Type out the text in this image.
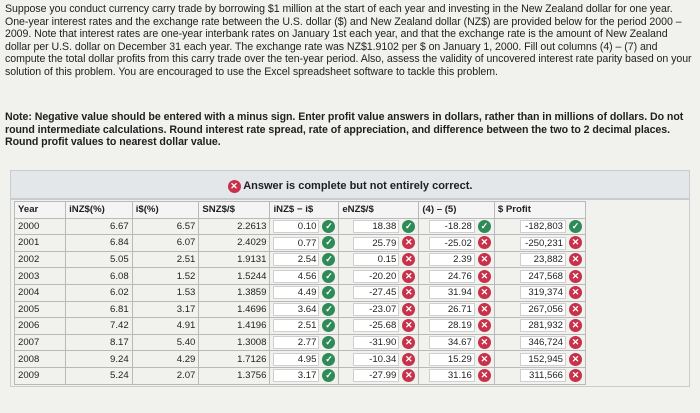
Suppose you conduct currency carry trade by borrowing $1 million at the start of each year and investing in the New Zealand dollar for one year. One-year interest rates and the exchange rate between the U.S. dollar ($) and New Zealand dollar (NZ$) are provided below for the period 2000 – 2009. Note that interest rates are one-year interbank rates on January 1st each year, and that the exchange rate is the amount of New Zealand dollar per U.S. dollar on December 31 each year. The exchange rate was NZ$1.9102 per $ on January 1, 2000. Fill out columns (4) – (7) and compute the total dollar profits from this carry trade over the ten-year period. Also, assess the validity of uncovered interest rate parity based on your solution of this problem. You are encouraged to use the Excel spreadsheet software to tackle this problem.
Note: Negative value should be entered with a minus sign. Enter profit value answers in dollars, rather than in millions of dollars. Do not round intermediate calculations. Round interest rate spread, rate of appreciation, and difference between the two to 2 decimal places. Round profit values to nearest dollar value.
✕ Answer is complete but not entirely correct.
Year	iNZ$(%)	i$(%)	SNZ$/$	iNZ$ − i$	eNZ$/$	(4) – (5)	$ Profit
2000	6.67	6.57	2.2613	0.10 ✓	18.38 ✓	-18.28 ✓	-182,803 ✓
2001	6.84	6.07	2.4029	0.77 ✓	25.79 ✕	-25.02 ✕	-250,231 ✕
2002	5.05	2.51	1.9131	2.54 ✓	0.15 ✕	2.39 ✕	23,882 ✕
2003	6.08	1.52	1.5244	4.56 ✓	-20.20 ✕	24.76 ✕	247,568 ✕
2004	6.02	1.53	1.3859	4.49 ✓	-27.45 ✕	31.94 ✕	319,374 ✕
2005	6.81	3.17	1.4696	3.64 ✓	-23.07 ✕	26.71 ✕	267,056 ✕
2006	7.42	4.91	1.4196	2.51 ✓	-25.68 ✕	28.19 ✕	281,932 ✕
2007	8.17	5.40	1.3008	2.77 ✓	-31.90 ✕	34.67 ✕	346,724 ✕
2008	9.24	4.29	1.7126	4.95 ✓	-10.34 ✕	15.29 ✕	152,945 ✕
2009	5.24	2.07	1.3756	3.17 ✓	-27.99 ✕	31.16 ✕	311,566 ✕
